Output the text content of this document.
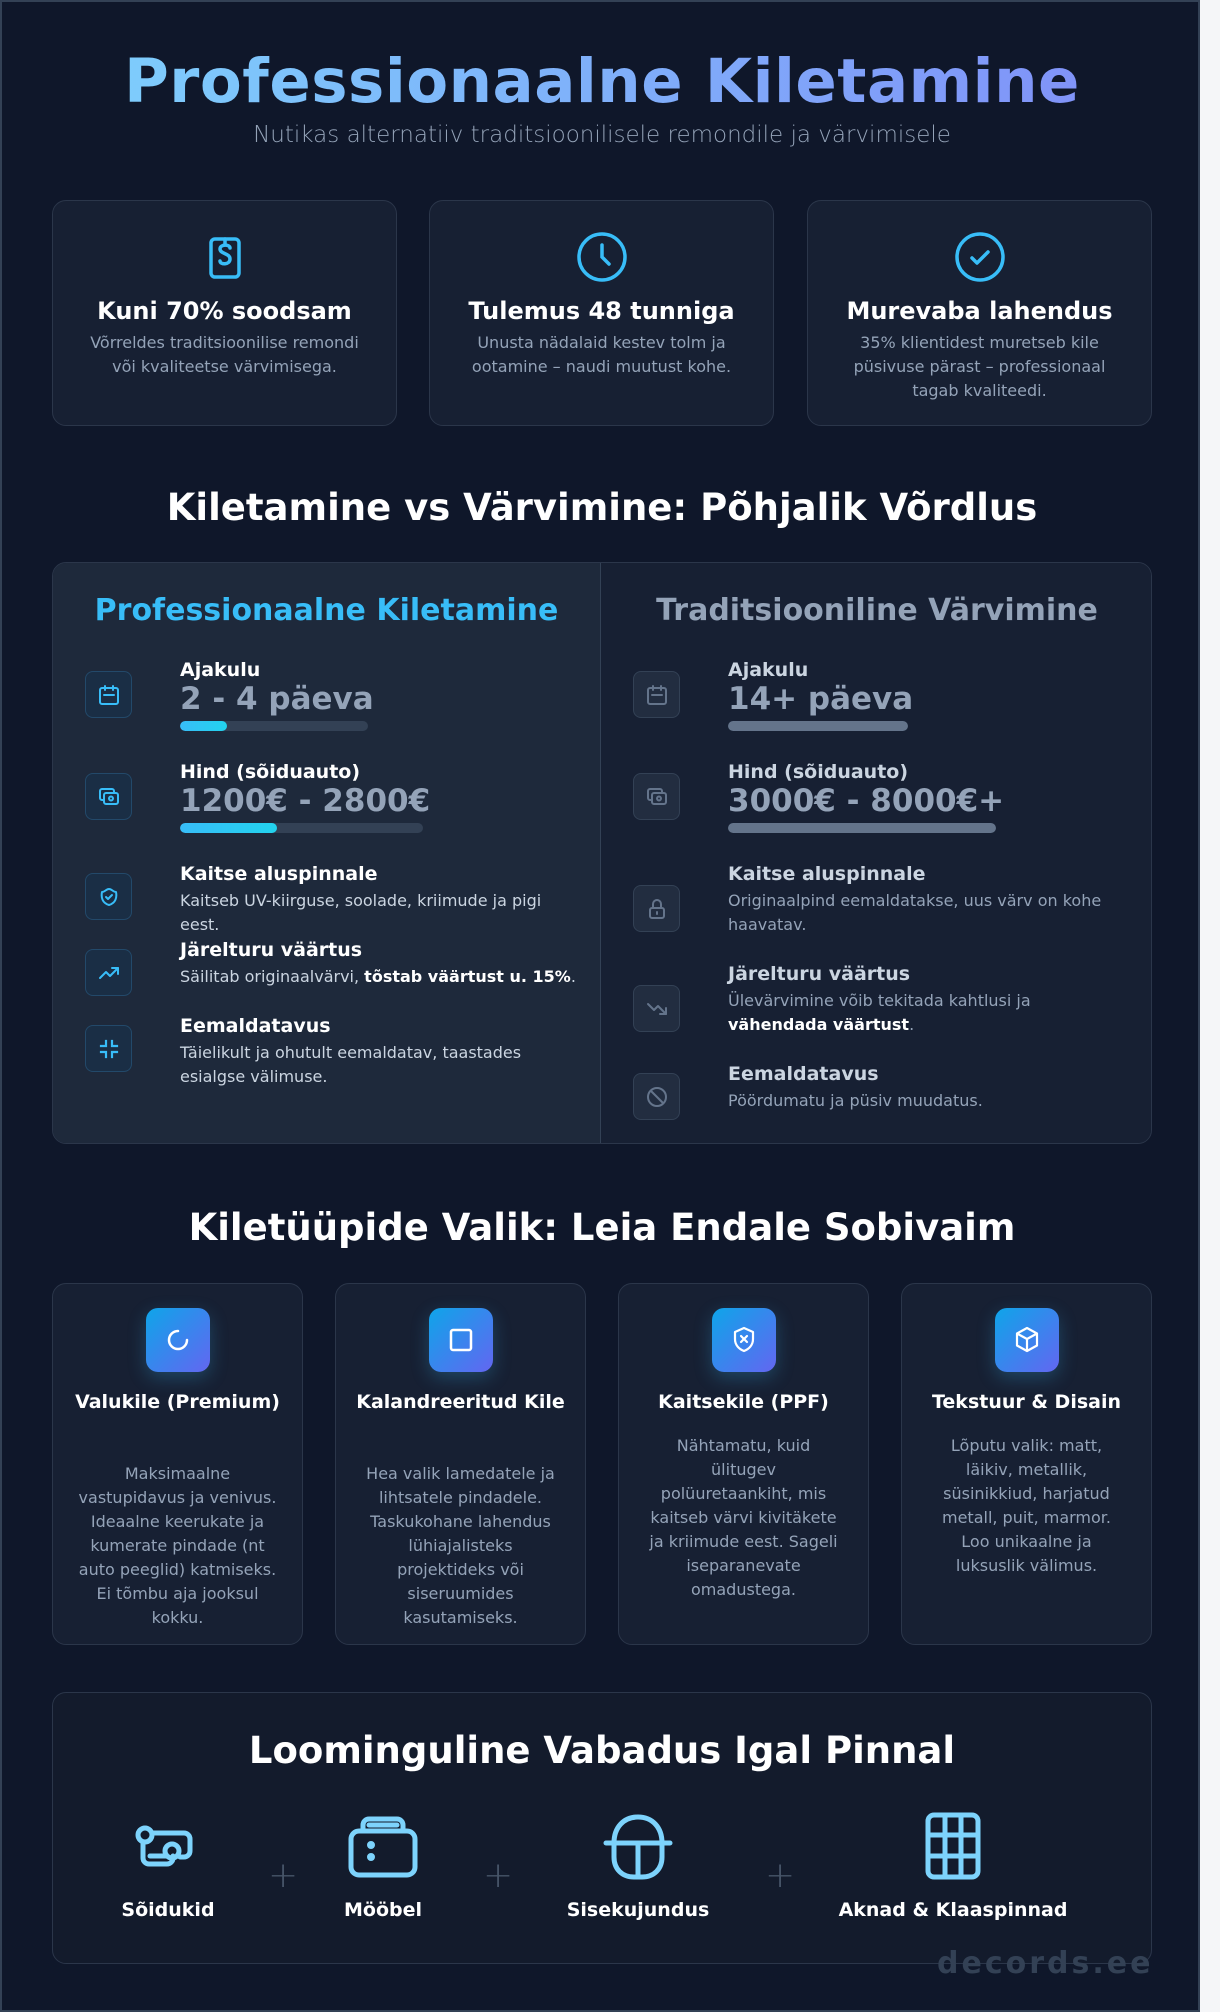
Professionaalne Kiletamine
Nutikas alternatiiv traditsioonilisele remondile ja värvimisele
Kuni 70% soodsam
Võrreldes traditsioonilise remondi või kvaliteetse värvimisega.
Tulemus 48 tunniga
Unusta nädalaid kestev tolm ja ootamine – naudi muutust kohe.
Murevaba lahendus
35% klientidest muretseb kile püsivuse pärast – professionaal tagab kvaliteedi.
Kiletamine vs Värvimine: Põhjalik Võrdlus
Professionaalne Kiletamine
Ajakulu
2 - 4 päeva
Hind (sõiduauto)
1200€ - 2800€
Kaitse aluspinnale
Kaitseb UV-kiirguse, soolade, kriimude ja pigi eest.
Järelturu väärtus
Säilitab originaalvärvi, tõstab väärtust u. 15%.
Eemaldatavus
Täielikult ja ohutult eemaldatav, taastades esialgse välimuse.
Traditsiooniline Värvimine
Ajakulu
14+ päeva
Hind (sõiduauto)
3000€ - 8000€+
Kaitse aluspinnale
Originaalpind eemaldatakse, uus värv on kohe haavatav.
Järelturu väärtus
Ülevärvimine võib tekitada kahtlusi ja vähendada väärtust.
Eemaldatavus
Pöördumatu ja püsiv muudatus.
Kiletüüpide Valik: Leia Endale Sobivaim
Valukile (Premium)
Maksimaalne vastupidavus ja venivus. Ideaalne keerukate ja kumerate pindade (nt auto peeglid) katmiseks. Ei tõmbu aja jooksul kokku.
Kalandreeritud Kile
Hea valik lamedatele ja lihtsatele pindadele. Taskukohane lahendus lühiajalisteks projektideks või siseruumides kasutamiseks.
Kaitsekile (PPF)
Nähtamatu, kuid ülitugev polüuretaankiht, mis kaitseb värvi kivitäkete ja kriimude eest. Sageli iseparanevate omadustega.
Tekstuur & Disain
Lõputu valik: matt, läikiv, metallik, süsinikkiud, harjatud metall, puit, marmor. Loo unikaalne ja luksuslik välimus.
Loominguline Vabadus Igal Pinnal
Sõidukid
+
Mööbel
+
Sisekujundus
+
Aknad & Klaaspinnad
decords.ee
